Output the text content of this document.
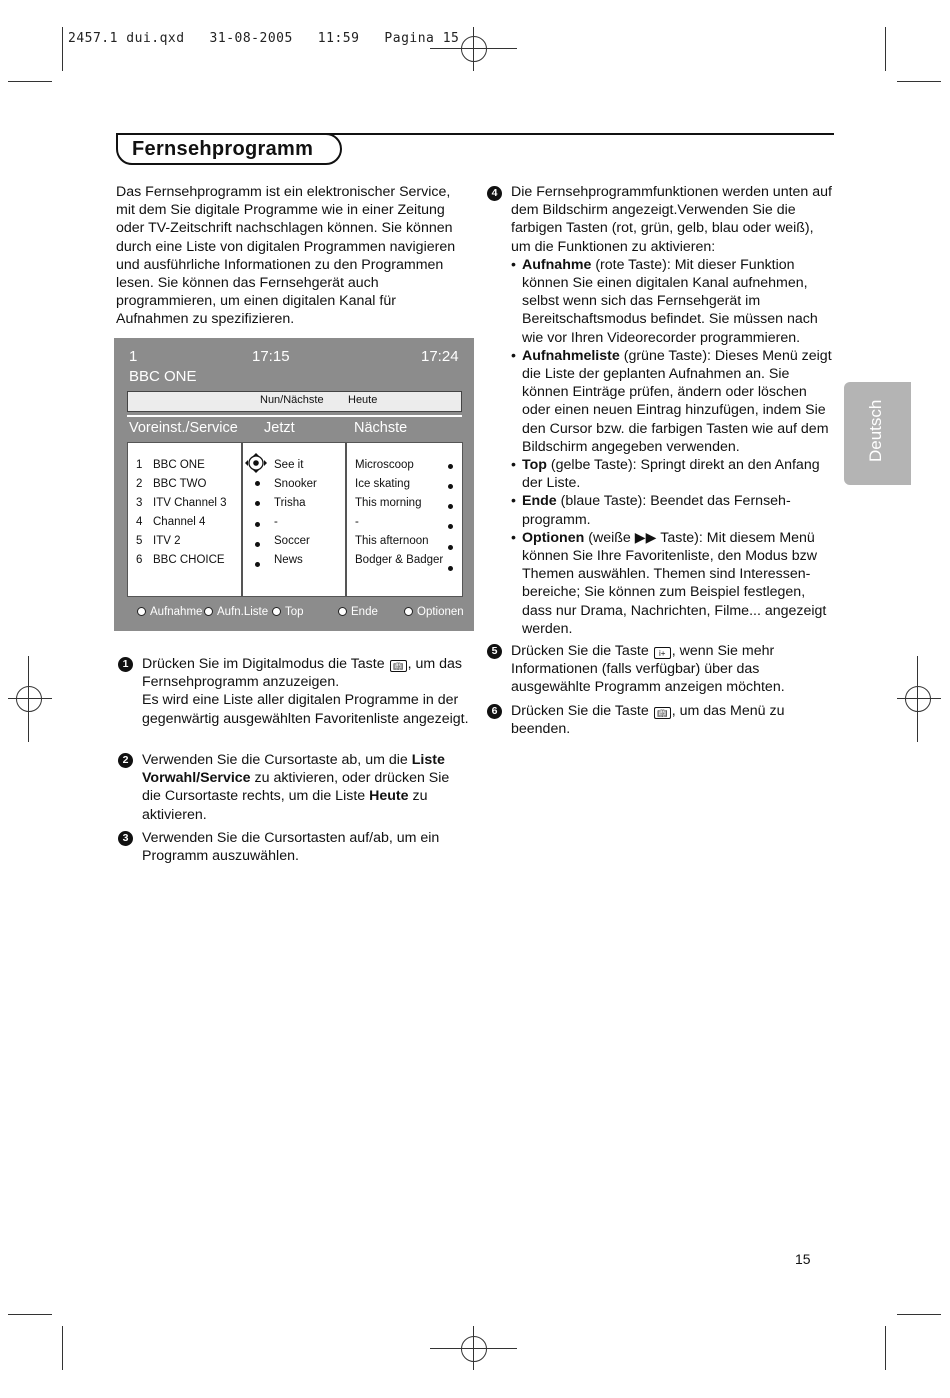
2457.1 dui.qxd   31-08-2005   11:59   Pagina 15
Fernsehprogramm
Das Fernsehprogramm ist ein elektronischer Service, mit dem Sie digitale Programme wie in einer Zeitung oder TV-Zeitschrift nachschlagen können. Sie können durch eine Liste von digitalen Programmen navigieren und ausführliche Informationen zu den Programmen lesen. Sie können das Fernsehgerät auch programmieren, um einen digitalen Kanal für Aufnahmen zu spezifizieren.
1	17:15	17:24
BBC ONE
Nun/Nächste Heute
Voreinst./Service Jetzt	Nächste
1 BBC ONE	See it	Microscoop
2 BBC TWO	Snooker	Ice skating
3 ITV Channel 3	Trisha	This morning
4 Channel 4	-	-
5 ITV 2	Soccer	This afternoon
6 BBC CHOICE	News	Bodger & Badger
Aufnahme	Aufn.Liste	Top	Ende	Optionen
1 Drücken Sie im Digitalmodus die Taste 📖︎ , um das Fernsehprogramm anzuzeigen.
Es wird eine Liste aller digitalen Programme in der gegenwärtig ausgewählten Favoritenliste angezeigt.
2 Verwenden Sie die Cursortaste ab, um die Liste Vorwahl/Service zu aktivieren, oder drücken Sie die Cursortaste rechts, um die Liste Heute zu aktivieren.
3 Verwenden Sie die Cursortasten auf/ab, um ein Programm auszuwählen.
4 Die Fernsehprogrammfunktionen werden unten auf dem Bildschirm angezeigt.Verwenden Sie die farbigen Tasten (rot, grün, gelb, blau oder weiß), um die Funktionen zu aktivieren:
• Aufnahme (rote Taste): Mit dieser Funktion können Sie einen digitalen Kanal aufnehmen, selbst wenn sich das Fernsehgerät im Bereitschaftsmodus befindet. Sie müssen nach wie vor Ihren Videorecorder programmieren.
• Aufnahmeliste (grüne Taste): Dieses Menü zeigt die Liste der geplanten Aufnahmen an. Sie können Einträge prüfen, ändern oder löschen oder einen neuen Eintrag hinzufügen, indem Sie den Cursor bzw. die farbigen Tasten wie auf dem Bildschirm angegeben verwenden.
• Top (gelbe Taste): Springt direkt an den Anfang der Liste.
• Ende (blaue Taste): Beendet das Fernseh-programm.
• Optionen (weiße ▶▶ Taste): Mit diesem Menü können Sie Ihre Favoritenliste, den Modus bzw Themen auswählen. Themen sind Interessen-bereiche; Sie können zum Beispiel festlegen, dass nur Drama, Nachrichten, Filme... angezeigt werden.
5 Drücken Sie die Taste i+ , wenn Sie mehr Informationen (falls verfügbar) über das ausgewählte Programm anzeigen möchten.
6 Drücken Sie die Taste 📖︎ , um das Menü zu beenden.
Deutsch
15
